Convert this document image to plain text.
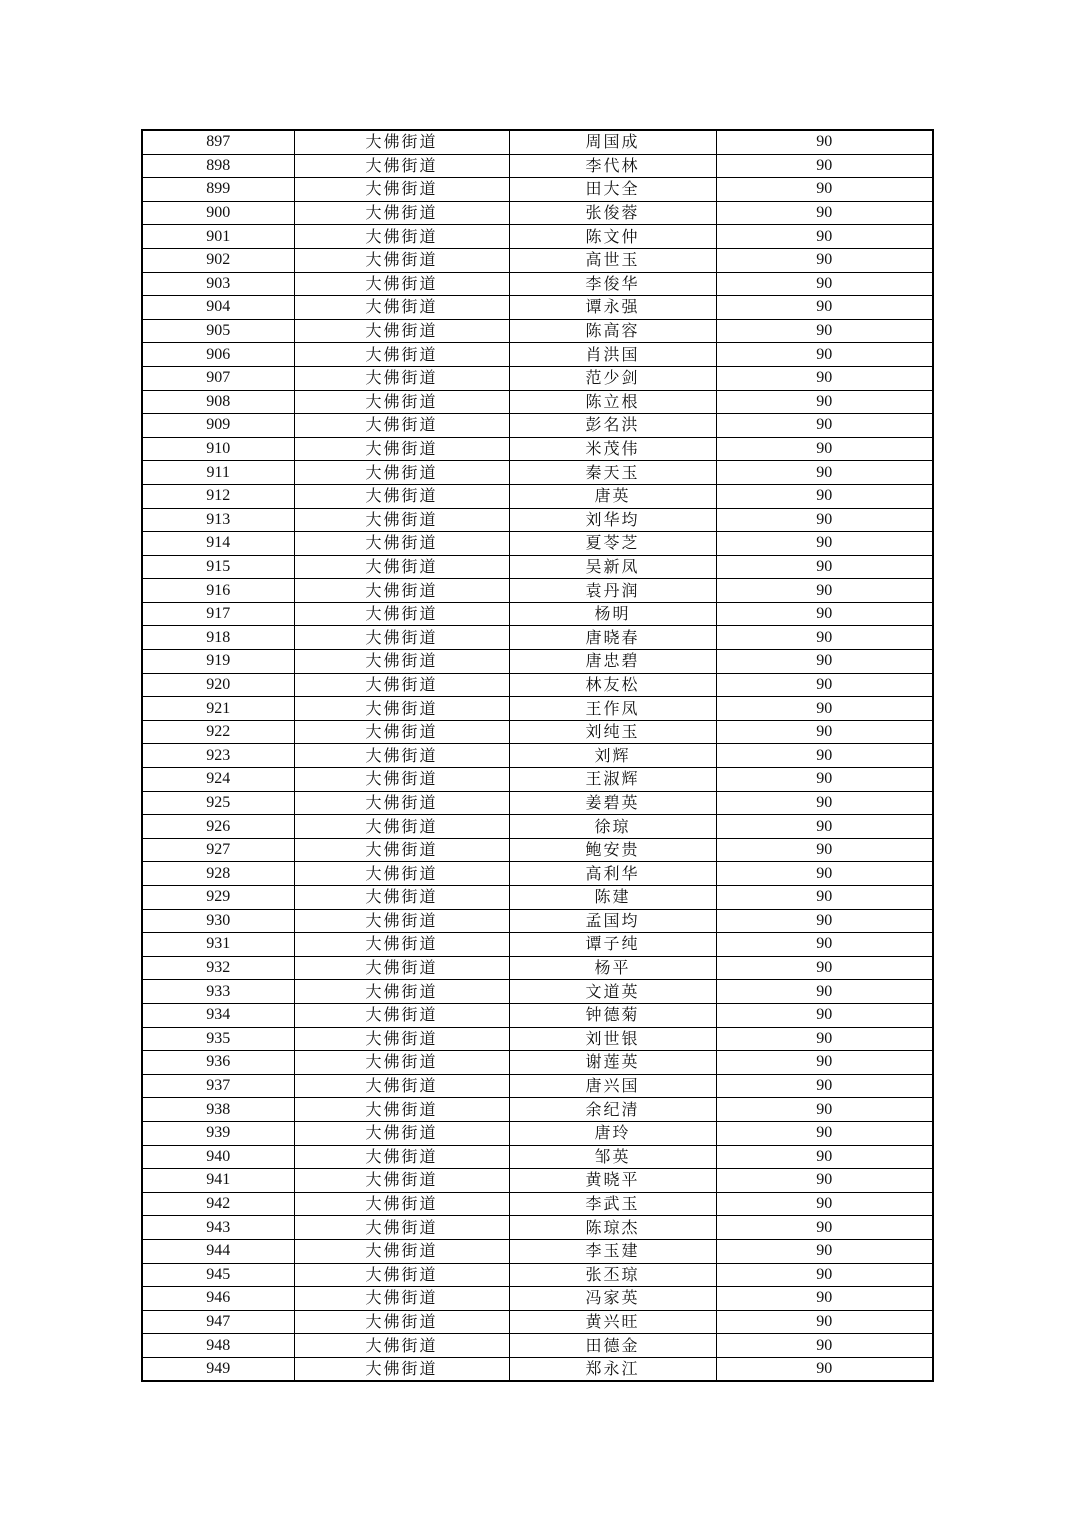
897	大佛街道	周国成	90
898	大佛街道	李代林	90
899	大佛街道	田大全	90
900	大佛街道	张俊蓉	90
901	大佛街道	陈文仲	90
902	大佛街道	高世玉	90
903	大佛街道	李俊华	90
904	大佛街道	谭永强	90
905	大佛街道	陈高容	90
906	大佛街道	肖洪国	90
907	大佛街道	范少剑	90
908	大佛街道	陈立根	90
909	大佛街道	彭名洪	90
910	大佛街道	米茂伟	90
911	大佛街道	秦天玉	90
912	大佛街道	唐英	90
913	大佛街道	刘华均	90
914	大佛街道	夏苓芝	90
915	大佛街道	吴新凤	90
916	大佛街道	袁丹润	90
917	大佛街道	杨明	90
918	大佛街道	唐晓春	90
919	大佛街道	唐忠碧	90
920	大佛街道	林友松	90
921	大佛街道	王作凤	90
922	大佛街道	刘纯玉	90
923	大佛街道	刘辉	90
924	大佛街道	王淑辉	90
925	大佛街道	姜碧英	90
926	大佛街道	徐琼	90
927	大佛街道	鲍安贵	90
928	大佛街道	高利华	90
929	大佛街道	陈建	90
930	大佛街道	孟国均	90
931	大佛街道	谭子纯	90
932	大佛街道	杨平	90
933	大佛街道	文道英	90
934	大佛街道	钟德菊	90
935	大佛街道	刘世银	90
936	大佛街道	谢莲英	90
937	大佛街道	唐兴国	90
938	大佛街道	余纪清	90
939	大佛街道	唐玲	90
940	大佛街道	邹英	90
941	大佛街道	黄晓平	90
942	大佛街道	李武玉	90
943	大佛街道	陈琼杰	90
944	大佛街道	李玉建	90
945	大佛街道	张丕琼	90
946	大佛街道	冯家英	90
947	大佛街道	黄兴旺	90
948	大佛街道	田德金	90
949	大佛街道	郑永江	90
